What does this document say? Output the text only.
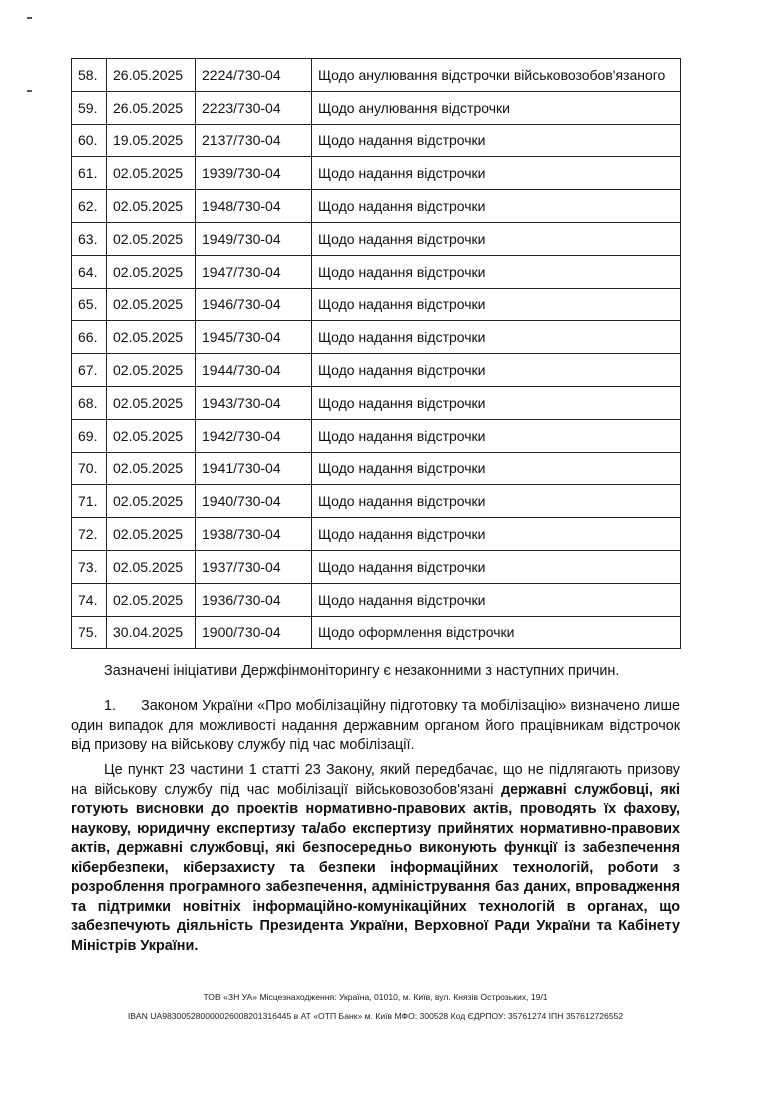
58.	26.05.2025	2224/730-04	Щодо анулювання відстрочки військовозобов'язаного
59.	26.05.2025	2223/730-04	Щодо анулювання відстрочки
60.	19.05.2025	2137/730-04	Щодо надання відстрочки
61.	02.05.2025	1939/730-04	Щодо надання відстрочки
62.	02.05.2025	1948/730-04	Щодо надання відстрочки
63.	02.05.2025	1949/730-04	Щодо надання відстрочки
64.	02.05.2025	1947/730-04	Щодо надання відстрочки
65.	02.05.2025	1946/730-04	Щодо надання відстрочки
66.	02.05.2025	1945/730-04	Щодо надання відстрочки
67.	02.05.2025	1944/730-04	Щодо надання відстрочки
68.	02.05.2025	1943/730-04	Щодо надання відстрочки
69.	02.05.2025	1942/730-04	Щодо надання відстрочки
70.	02.05.2025	1941/730-04	Щодо надання відстрочки
71.	02.05.2025	1940/730-04	Щодо надання відстрочки
72.	02.05.2025	1938/730-04	Щодо надання відстрочки
73.	02.05.2025	1937/730-04	Щодо надання відстрочки
74.	02.05.2025	1936/730-04	Щодо надання відстрочки
75.	30.04.2025	1900/730-04	Щодо оформлення відстрочки
Зазначені ініціативи Держфінмоніторингу є незаконними з наступних причин.
1. Законом України «Про мобілізаційну підготовку та мобілізацію» визначено лише один випадок для можливості надання державним органом його працівникам відстрочок від призову на військову службу під час мобілізації.
Це пункт 23 частини 1 статті 23 Закону, який передбачає, що не підлягають призову на військову службу під час мобілізації військовозобов'язані державні службовці, які готують висновки до проектів нормативно-правових актів, проводять їх фахову, наукову, юридичну експертизу та/або експертизу прийнятих нормативно-правових актів, державні службовці, які безпосередньо виконують функції із забезпечення кібербезпеки, кіберзахисту та безпеки інформаційних технологій, роботи з розроблення програмного забезпечення, адміністрування баз даних, впровадження та підтримки новітніх інформаційно-комунікаційних технологій в органах, що забезпечують діяльність Президента України, Верховної Ради України та Кабінету Міністрів України.
ТОВ «ЗН УА» Місцезнаходження: Україна, 01010, м. Київ, вул. Князів Острозьких, 19/1
IBAN UA983005280000026008201316445 в АТ «ОТП Банк» м. Київ МФО: 300528 Код ЄДРПОУ: 35761274 ІПН 357612726552
